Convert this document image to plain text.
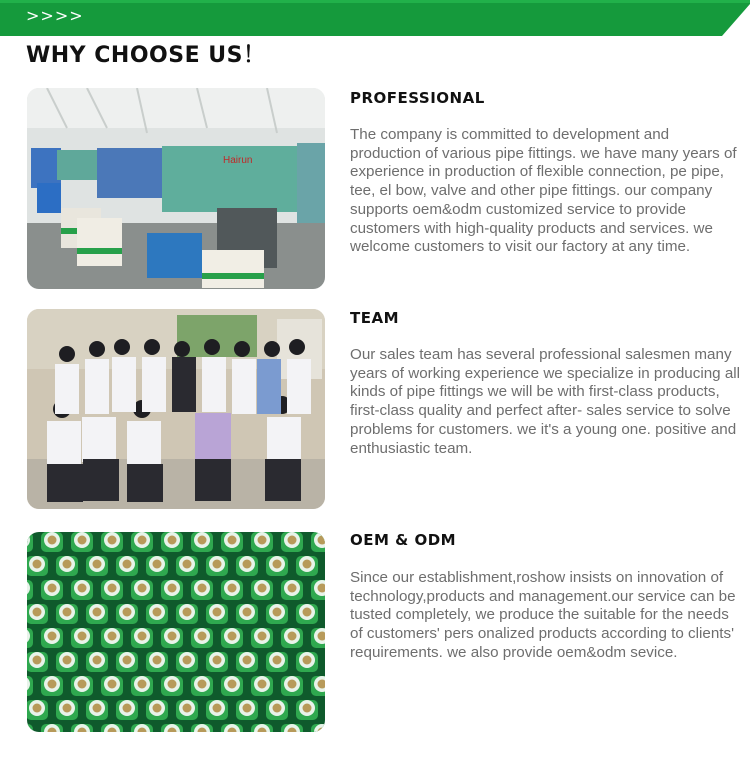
>>>>
WHY CHOOSE US！
Hairun
PROFESSIONAL

The company is committed to development and production of various pipe fittings. we have many years of experience in production of flexible connection, pe pipe, tee, el bow, valve and other pipe fittings. our company supports oem&odm customized service to provide customers with high-quality products and services. we welcome customers to visit our factory at any time.

TEAM

Our sales team has several professional salesmen many years of working experience we specialize in producing all kinds of pipe fittings we will be with first-class products, first-class quality and perfect after- sales service to solve problems for customers. we it's a young one. positive and enthusiastic team.

OEM & ODM

Since our establishment,roshow insists on innovation of technology,products and management.our service can be tusted completely, we produce the suitable for the needs of customers' pers onalized products according to clients' requirements. we also provide oem&odm sevice.
